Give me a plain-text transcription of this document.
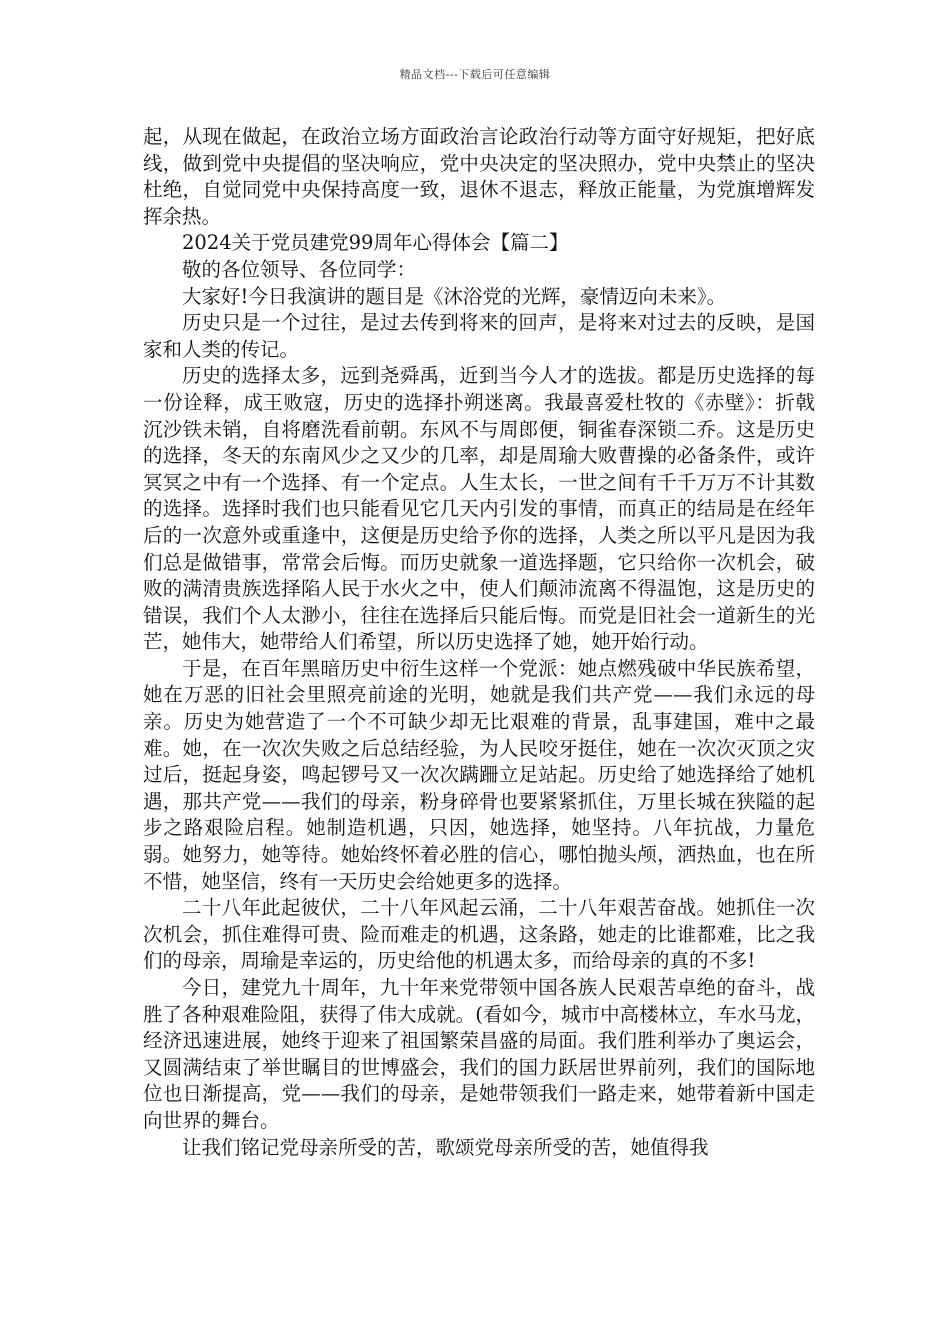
精品文档---下载后可任意编辑

起，从现在做起，在政治立场方面政治言论政治行动等方面守好规矩，把好底线，做到党中央提倡的坚决响应，党中央决定的坚决照办，党中央禁止的坚决杜绝，自觉同党中央保持高度一致，退休不退志，释放正能量，为党旗增辉发挥余热。

2024关于党员建党99周年心得体会【篇二】

敬的各位领导、各位同学：

大家好!今日我演讲的题目是《沐浴党的光辉，豪情迈向未来》。

历史只是一个过往，是过去传到将来的回声，是将来对过去的反映，是国家和人类的传记。

历史的选择太多，远到尧舜禹，近到当今人才的选拔。都是历史选择的每一份诠释，成王败寇，历史的选择扑朔迷离。我最喜爱杜牧的《赤壁》：折戟沉沙铁未销，自将磨洗看前朝。东风不与周郎便，铜雀春深锁二乔。这是历史的选择，冬天的东南风少之又少的几率，却是周瑜大败曹操的必备条件，或许冥冥之中有一个选择、有一个定点。人生太长，一世之间有千千万万不计其数的选择。选择时我们也只能看见它几天内引发的事情，而真正的结局是在经年后的一次意外或重逢中，这便是历史给予你的选择，人类之所以平凡是因为我们总是做错事，常常会后悔。而历史就象一道选择题，它只给你一次机会，破败的满清贵族选择陷人民于水火之中，使人们颠沛流离不得温饱，这是历史的错误，我们个人太渺小，往往在选择后只能后悔。而党是旧社会一道新生的光芒，她伟大，她带给人们希望，所以历史选择了她，她开始行动。

于是，在百年黑暗历史中衍生这样一个党派：她点燃残破中华民族希望，她在万恶的旧社会里照亮前途的光明，她就是我们共产党——我们永远的母亲。历史为她营造了一个不可缺少却无比艰难的背景，乱事建国，难中之最难。她，在一次次失败之后总结经验，为人民咬牙挺住，她在一次次灭顶之灾过后，挺起身姿，鸣起锣号又一次次蹒跚立足站起。历史给了她选择给了她机遇，那共产党——我们的母亲，粉身碎骨也要紧紧抓住，万里长城在狭隘的起步之路艰险启程。她制造机遇，只因，她选择，她坚持。八年抗战，力量危弱。她努力，她等待。她始终怀着必胜的信心，哪怕抛头颅，洒热血，也在所不惜，她坚信，终有一天历史会给她更多的选择。

二十八年此起彼伏，二十八年风起云涌，二十八年艰苦奋战。她抓住一次次机会，抓住难得可贵、险而难走的机遇，这条路，她走的比谁都难，比之我们的母亲，周瑜是幸运的，历史给他的机遇太多，而给母亲的真的不多!

今日，建党九十周年，九十年来党带领中国各族人民艰苦卓绝的奋斗，战胜了各种艰难险阻，获得了伟大成就。(看如今，城市中高楼林立，车水马龙，经济迅速进展，她终于迎来了祖国繁荣昌盛的局面。我们胜利举办了奥运会，又圆满结束了举世瞩目的世博盛会，我们的国力跃居世界前列，我们的国际地位也日渐提高，党——我们的母亲，是她带领我们一路走来，她带着新中国走向世界的舞台。

让我们铭记党母亲所受的苦，歌颂党母亲所受的苦，她值得我
